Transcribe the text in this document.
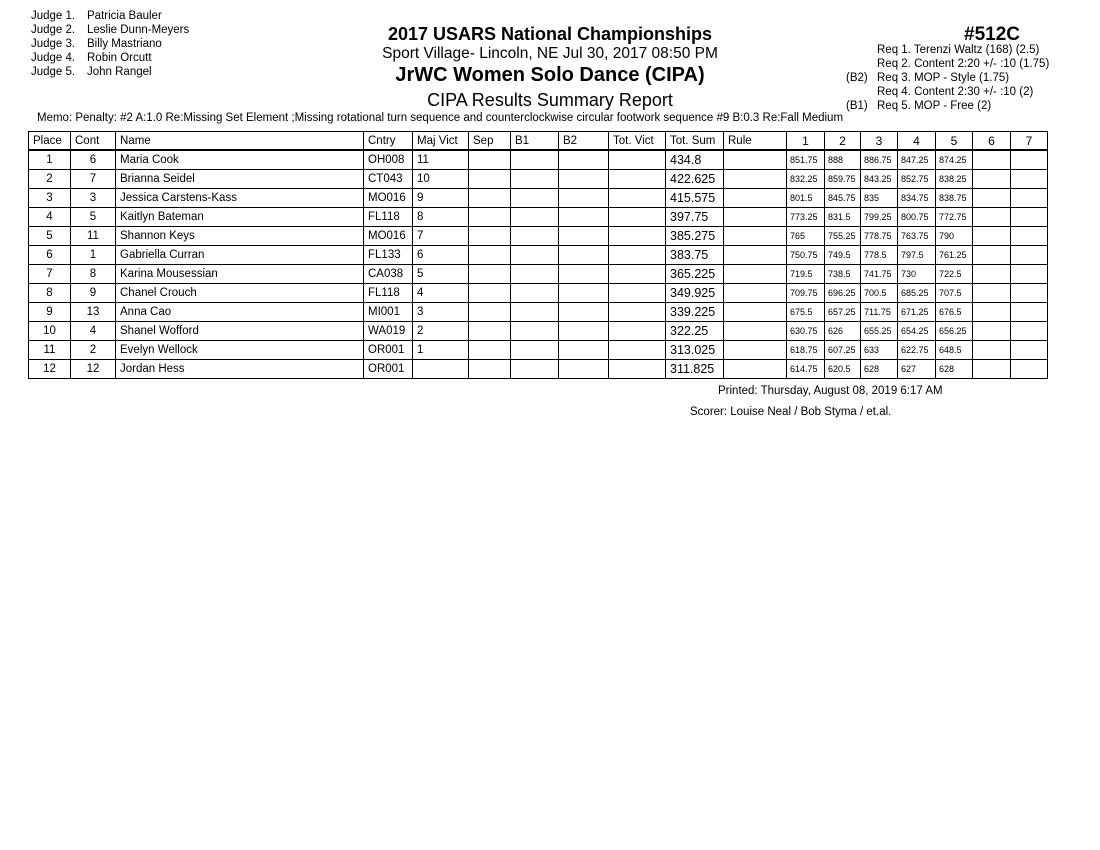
Judge 1. Patricia Bauler
Judge 2. Leslie Dunn-Meyers
Judge 3. Billy Mastriano
Judge 4. Robin Orcutt
Judge 5. John Rangel
2017 USARS National Championships
Sport Village- Lincoln, NE Jul 30, 2017 08:50 PM
JrWC Women Solo Dance (CIPA)
CIPA Results Summary Report
#512C
Req 1. Terenzi Waltz (168) (2.5)
Req 2. Content 2:20 +/- :10 (1.75)
(B2) Req 3. MOP - Style (1.75)
Req 4. Content 2:30 +/- :10 (2)
(B1) Req 5. MOP - Free (2)
Memo: Penalty: #2 A:1.0 Re:Missing Set Element ;Missing rotational turn sequence and counterclockwise circular footwork sequence #9 B:0.3 Re:Fall Medium
Place	Cont	Name	Cntry	Maj Vict	Sep	B1	B2	Tot. Vict	Tot. Sum	Rule	1	2	3	4	5	6	7
1	6	Maria Cook	OH008	11					434.8		851.75	888	886.75	847.25	874.25		
2	7	Brianna Seidel	CT043	10					422.625		832.25	859.75	843.25	852.75	838.25		
3	3	Jessica Carstens-Kass	MO016	9					415.575		801.5	845.75	835	834.75	838.75		
4	5	Kaitlyn Bateman	FL118	8					397.75		773.25	831.5	799.25	800.75	772.75		
5	11	Shannon Keys	MO016	7					385.275		765	755.25	778.75	763.75	790		
6	1	Gabriella Curran	FL133	6					383.75		750.75	749.5	778.5	797.5	761.25		
7	8	Karina Mousessian	CA038	5					365.225		719.5	738.5	741.75	730	722.5		
8	9	Chanel Crouch	FL118	4					349.925		709.75	696.25	700.5	685.25	707.5		
9	13	Anna Cao	MI001	3					339.225		675.5	657.25	711.75	671.25	676.5		
10	4	Shanel Wofford	WA019	2					322.25		630.75	626	655.25	654.25	656.25		
11	2	Evelyn Wellock	OR001	1					313.025		618.75	607.25	633	622.75	648.5		
12	12	Jordan Hess	OR001						311.825		614.75	620.5	628	627	628		
Printed: Thursday, August 08, 2019 6:17 AM
Scorer: Louise Neal / Bob Styma / et.al.
